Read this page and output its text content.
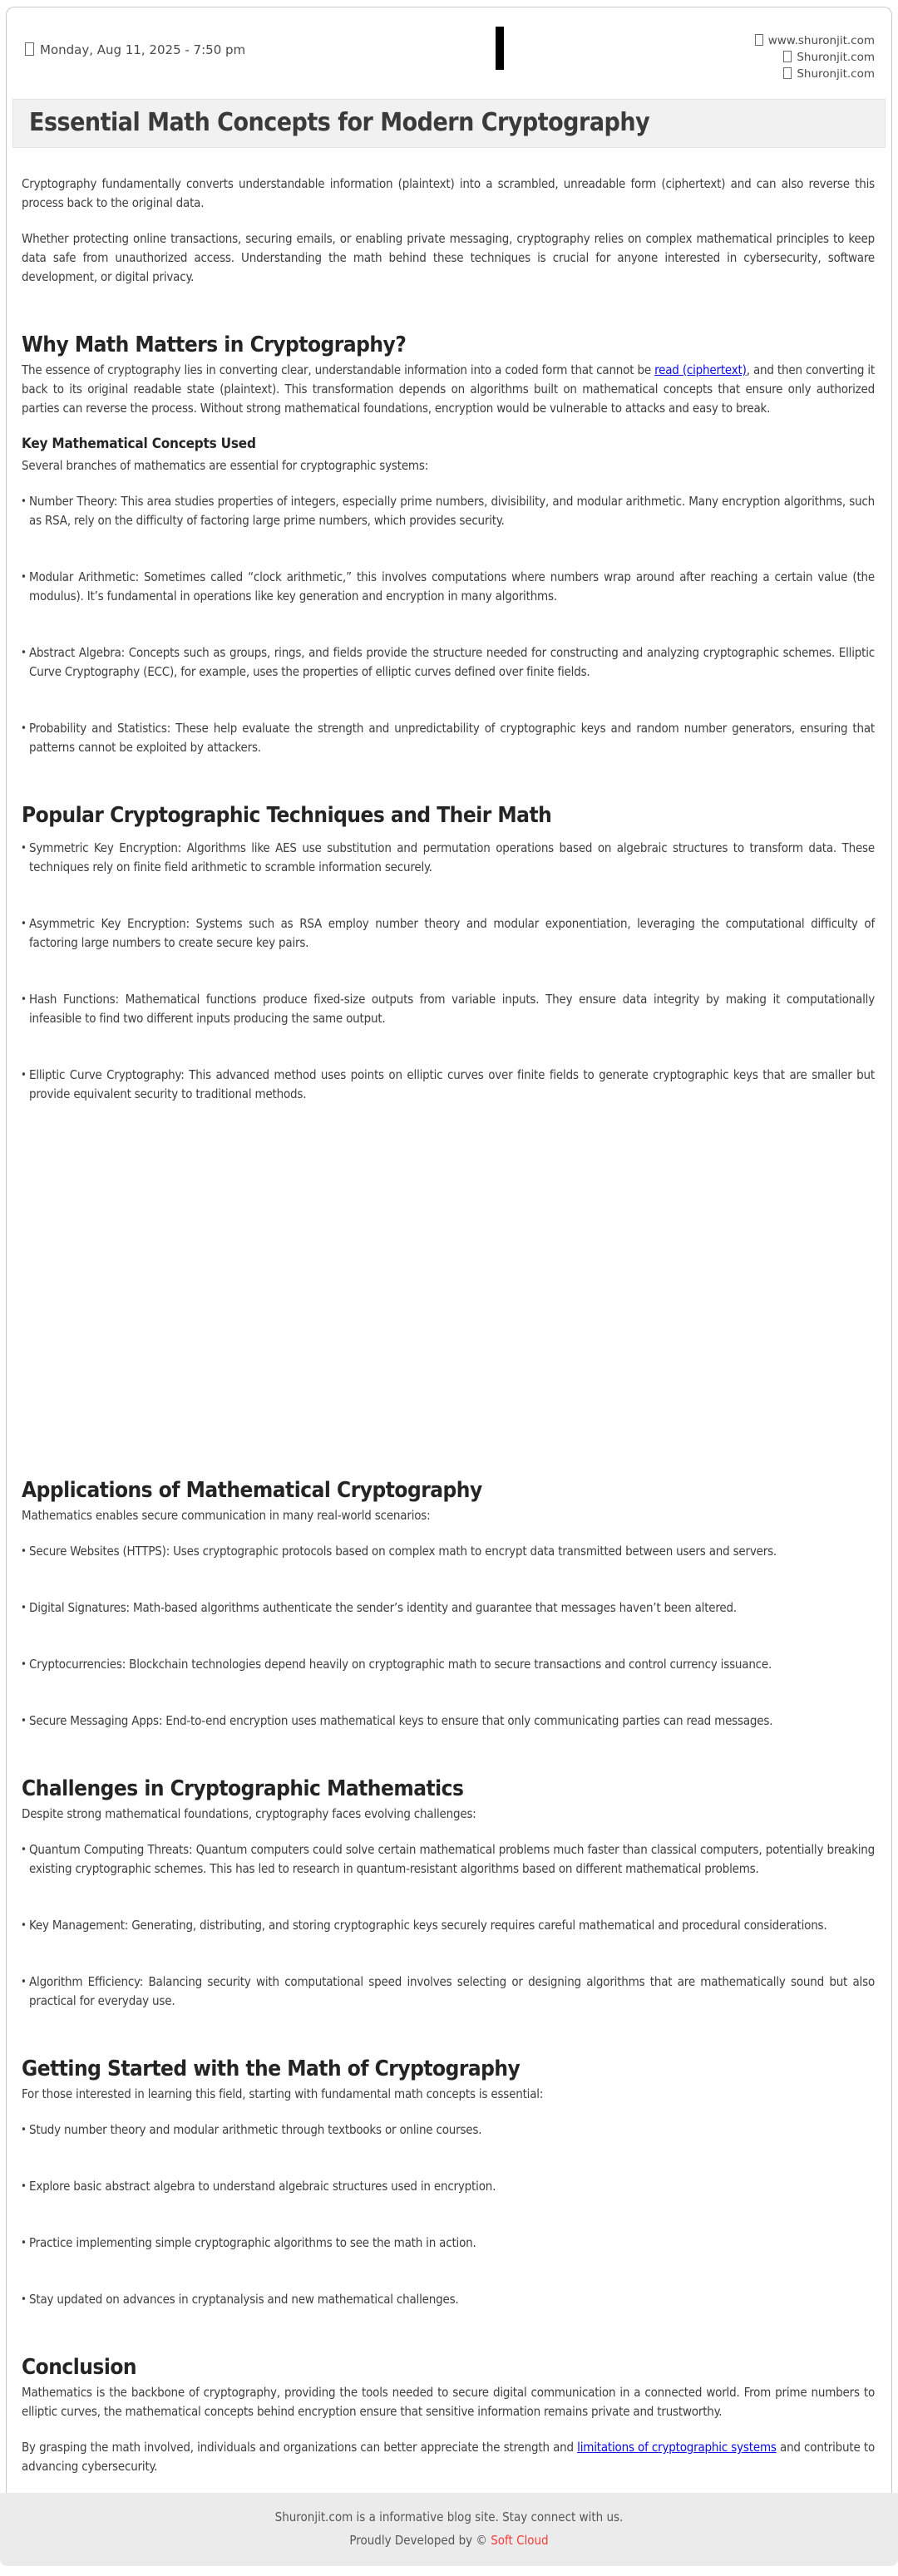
Monday, Aug 11, 2025 - 7:50 pm
www.shuronjit.com
Shuronjit.com
Shuronjit.com
Essential Math Concepts for Modern Cryptography

Cryptography fundamentally converts understandable information (plaintext) into a scrambled, unreadable form (ciphertext) and can also reverse this process back to the original data.

Whether protecting online transactions, securing emails, or enabling private messaging, cryptography relies on complex mathematical principles to keep data safe from unauthorized access. Understanding the math behind these techniques is crucial for anyone interested in cybersecurity, software development, or digital privacy.

Why Math Matters in Cryptography?

The essence of cryptography lies in converting clear, understandable information into a coded form that cannot be read (ciphertext), and then converting it back to its original readable state (plaintext). This transformation depends on algorithms built on mathematical concepts that ensure only authorized parties can reverse the process. Without strong mathematical foundations, encryption would be vulnerable to attacks and easy to break.

Key Mathematical Concepts Used

Several branches of mathematics are essential for cryptographic systems:

• Number Theory: This area studies properties of integers, especially prime numbers, divisibility, and modular arithmetic. Many encryption algorithms, such as RSA, rely on the difficulty of factoring large prime numbers, which provides security.
• Modular Arithmetic: Sometimes called “clock arithmetic,” this involves computations where numbers wrap around after reaching a certain value (the modulus). It’s fundamental in operations like key generation and encryption in many algorithms.
• Abstract Algebra: Concepts such as groups, rings, and fields provide the structure needed for constructing and analyzing cryptographic schemes. Elliptic Curve Cryptography (ECC), for example, uses the properties of elliptic curves defined over finite fields.
• Probability and Statistics: These help evaluate the strength and unpredictability of cryptographic keys and random number generators, ensuring that patterns cannot be exploited by attackers.
Popular Cryptographic Techniques and Their Math
• Symmetric Key Encryption: Algorithms like AES use substitution and permutation operations based on algebraic structures to transform data. These techniques rely on finite field arithmetic to scramble information securely.
• Asymmetric Key Encryption: Systems such as RSA employ number theory and modular exponentiation, leveraging the computational difficulty of factoring large numbers to create secure key pairs.
• Hash Functions: Mathematical functions produce fixed-size outputs from variable inputs. They ensure data integrity by making it computationally infeasible to find two different inputs producing the same output.
• Elliptic Curve Cryptography: This advanced method uses points on elliptic curves over finite fields to generate cryptographic keys that are smaller but provide equivalent security to traditional methods.
Applications of Mathematical Cryptography

Mathematics enables secure communication in many real-world scenarios:

• Secure Websites (HTTPS): Uses cryptographic protocols based on complex math to encrypt data transmitted between users and servers.
• Digital Signatures: Math-based algorithms authenticate the sender’s identity and guarantee that messages haven’t been altered.
• Cryptocurrencies: Blockchain technologies depend heavily on cryptographic math to secure transactions and control currency issuance.
• Secure Messaging Apps: End-to-end encryption uses mathematical keys to ensure that only communicating parties can read messages.
Challenges in Cryptographic Mathematics

Despite strong mathematical foundations, cryptography faces evolving challenges:

• Quantum Computing Threats: Quantum computers could solve certain mathematical problems much faster than classical computers, potentially breaking existing cryptographic schemes. This has led to research in quantum-resistant algorithms based on different mathematical problems.
• Key Management: Generating, distributing, and storing cryptographic keys securely requires careful mathematical and procedural considerations.
• Algorithm Efficiency: Balancing security with computational speed involves selecting or designing algorithms that are mathematically sound but also practical for everyday use.
Getting Started with the Math of Cryptography

For those interested in learning this field, starting with fundamental math concepts is essential:

• Study number theory and modular arithmetic through textbooks or online courses.
• Explore basic abstract algebra to understand algebraic structures used in encryption.
• Practice implementing simple cryptographic algorithms to see the math in action.
• Stay updated on advances in cryptanalysis and new mathematical challenges.
Conclusion

Mathematics is the backbone of cryptography, providing the tools needed to secure digital communication in a connected world. From prime numbers to elliptic curves, the mathematical concepts behind encryption ensure that sensitive information remains private and trustworthy.

By grasping the math involved, individuals and organizations can better appreciate the strength and limitations of cryptographic systems and contribute to advancing cybersecurity.

Shuronjit.com is a informative blog site. Stay connect with us.

Proudly Developed by © Soft Cloud
